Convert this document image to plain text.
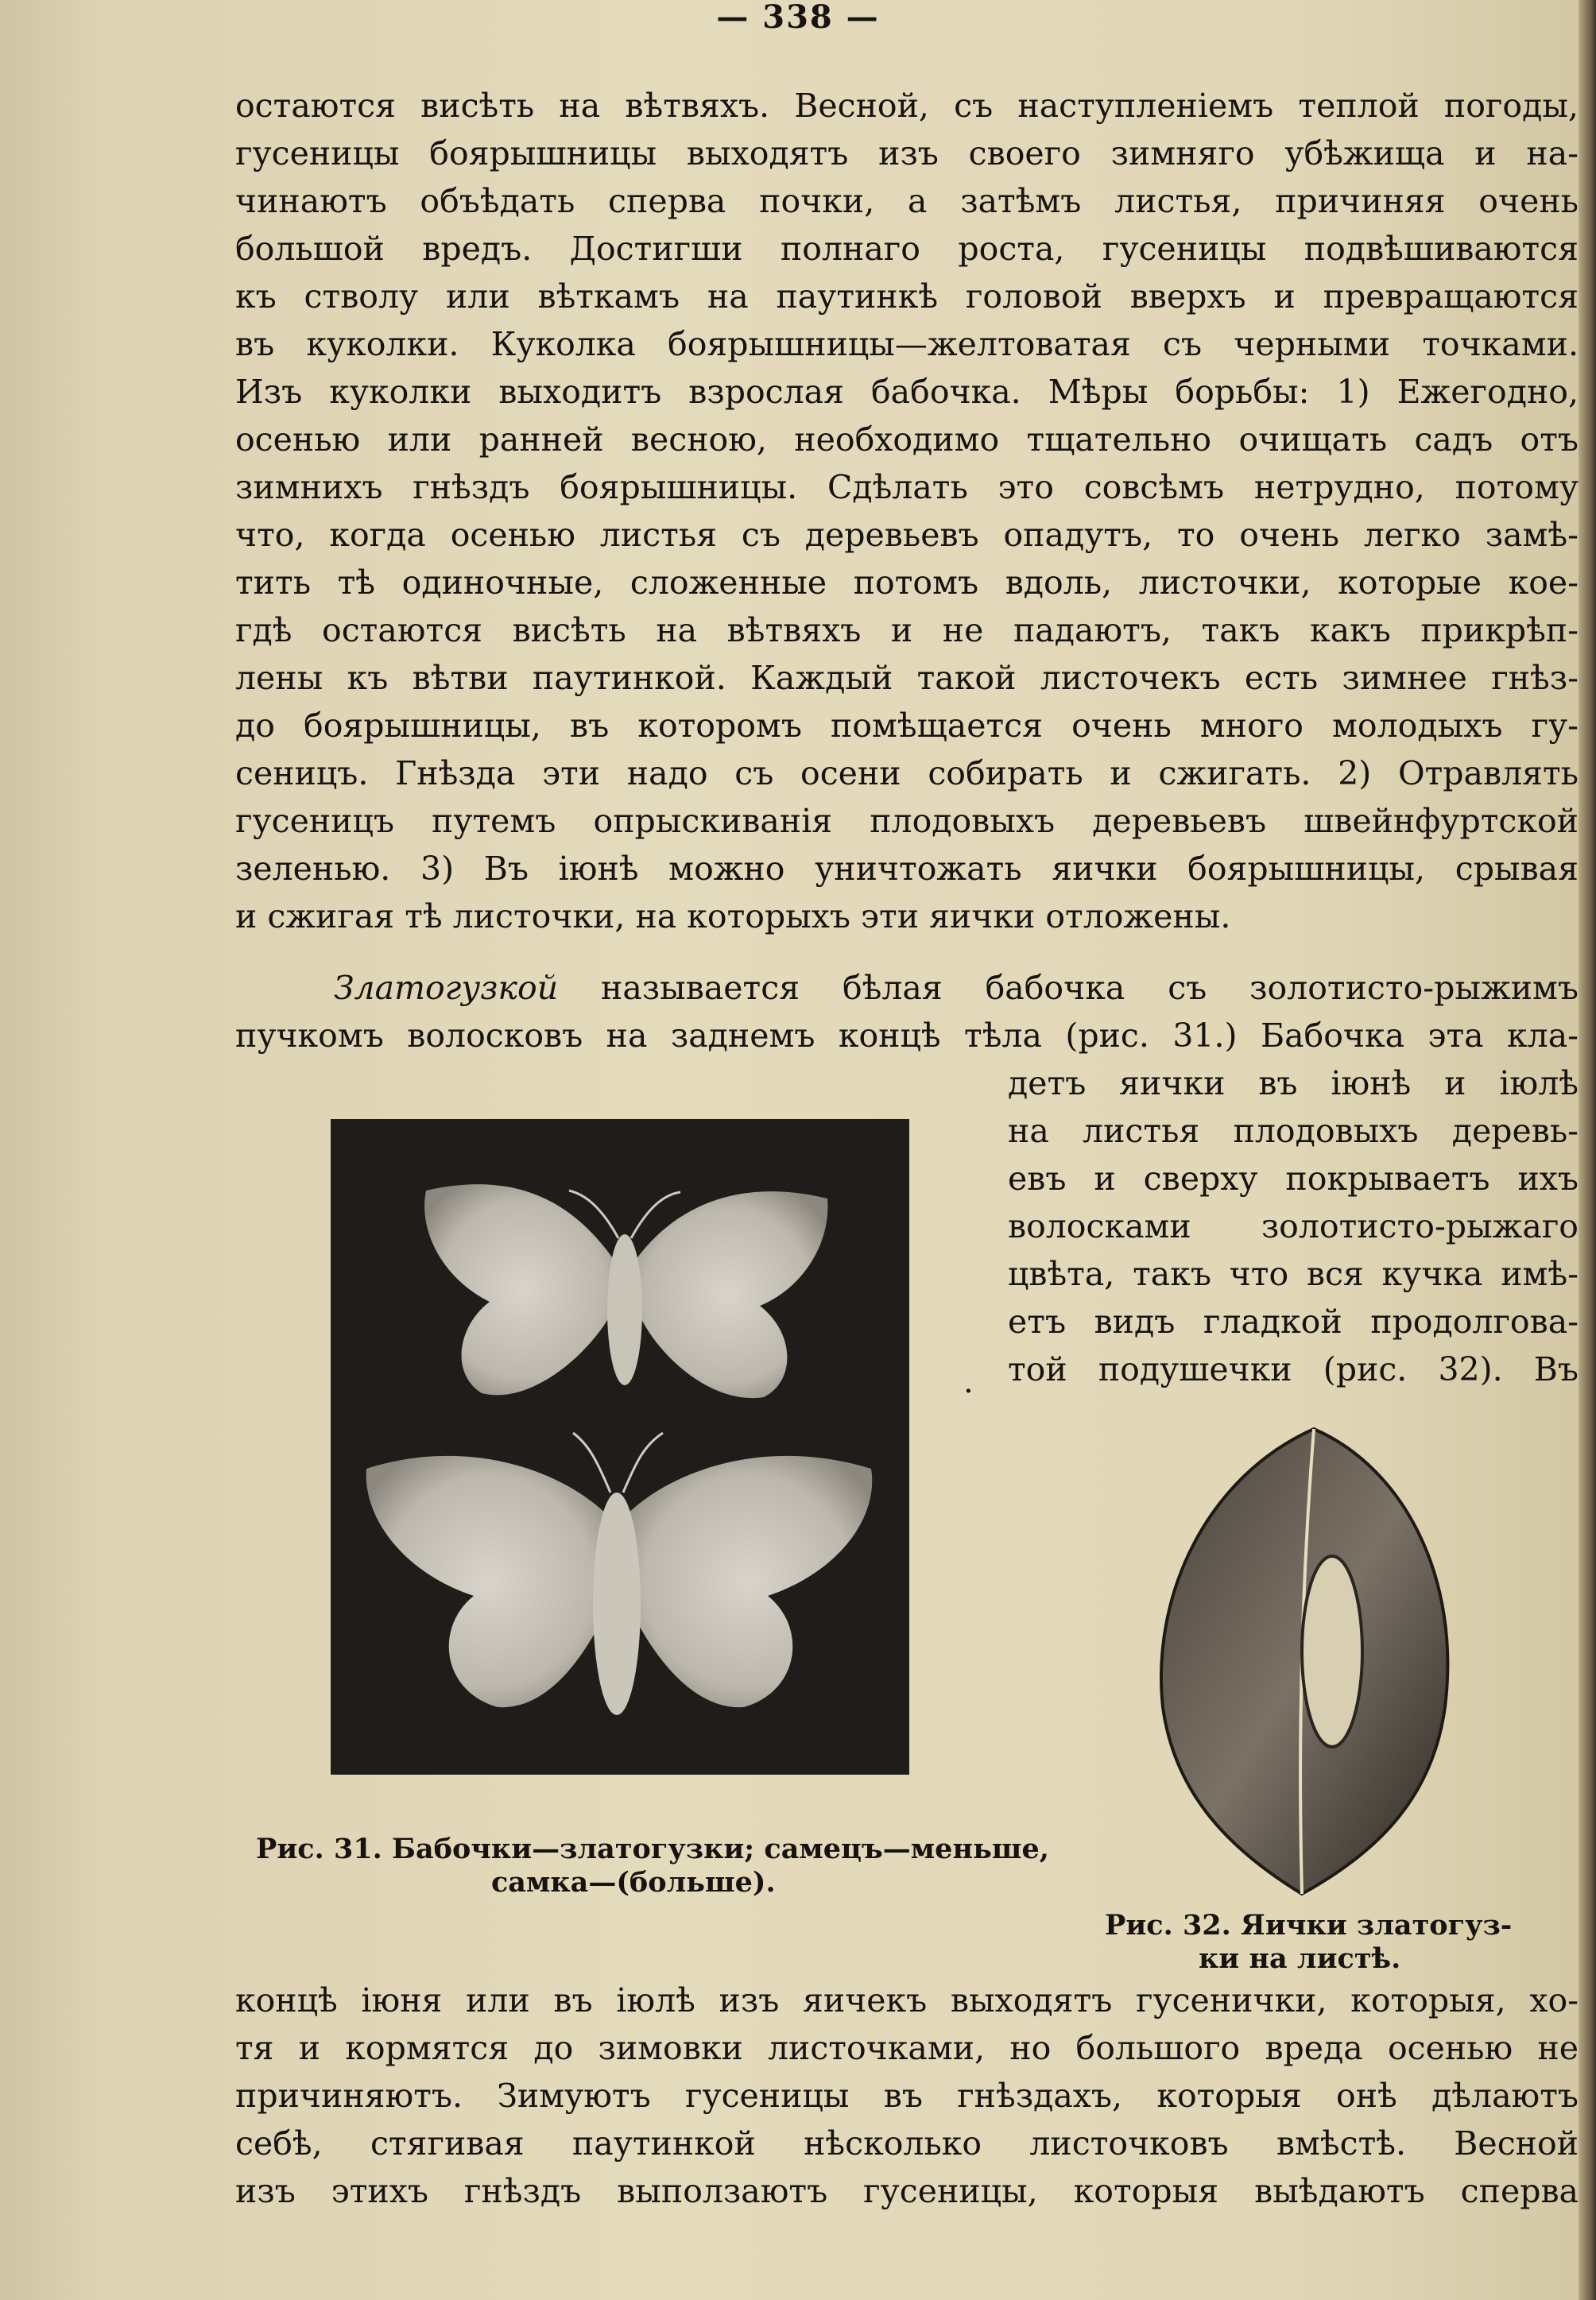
— 338 —
остаются висѣть на вѣтвяхъ. Весной, съ наступленіемъ теплой погоды,
гусеницы боярышницы выходятъ изъ своего зимняго убѣжища и на-
чинаютъ объѣдать сперва почки, а затѣмъ листья, причиняя очень
большой вредъ. Достигши полнаго роста, гусеницы подвѣшиваются
къ стволу или вѣткамъ на паутинкѣ головой вверхъ и превращаются
въ куколки. Куколка боярышницы—желтоватая съ черными точками.
Изъ куколки выходитъ взрослая бабочка. Мѣры борьбы: 1) Ежегодно,
осенью или ранней весною, необходимо тщательно очищать садъ отъ
зимнихъ гнѣздъ боярышницы. Сдѣлать это совсѣмъ нетрудно, потому
что, когда осенью листья съ деревьевъ опадутъ, то очень легко замѣ-
тить тѣ одиночные, сложенные потомъ вдоль, листочки, которые кое-
гдѣ остаются висѣть на вѣтвяхъ и не падаютъ, такъ какъ прикрѣп-
лены къ вѣтви паутинкой. Каждый такой листочекъ есть зимнее гнѣз-
до боярышницы, въ которомъ помѣщается очень много молодыхъ гу-
сеницъ. Гнѣзда эти надо съ осени собирать и сжигать. 2) Отравлять
гусеницъ путемъ опрыскиванія плодовыхъ деревьевъ швейнфуртской
зеленью. 3) Въ іюнѣ можно уничтожать яички боярышницы, срывая
и сжигая тѣ листочки, на которыхъ эти яички отложены.
Златогузкой называется бѣлая бабочка съ золотисто-рыжимъ
пучкомъ волосковъ на заднемъ концѣ тѣла (рис. 31.) Бабочка эта кла-
детъ яички въ іюнѣ и іюлѣ
на листья плодовыхъ деревь-
евъ и сверху покрываетъ ихъ
волосками золотисто-рыжаго
цвѣта, такъ что вся кучка имѣ-
етъ видъ гладкой продолгова-
той подушечки (рис. 32). Въ
концѣ іюня или въ іюлѣ изъ яичекъ выходятъ гусенички, которыя, хо-
тя и кормятся до зимовки листочками, но большого вреда осенью не
причиняютъ. Зимуютъ гусеницы въ гнѣздахъ, которыя онѣ дѣлаютъ
себѣ, стягивая паутинкой нѣсколько листочковъ вмѣстѣ. Весной
изъ этихъ гнѣздъ выползаютъ гусеницы, которыя выѣдаютъ сперва
.
Рис. 31. Бабочки—златогузки; самецъ—меньше,
самка—(больше).
Рис. 32. Яички златогуз-
ки на листѣ.
